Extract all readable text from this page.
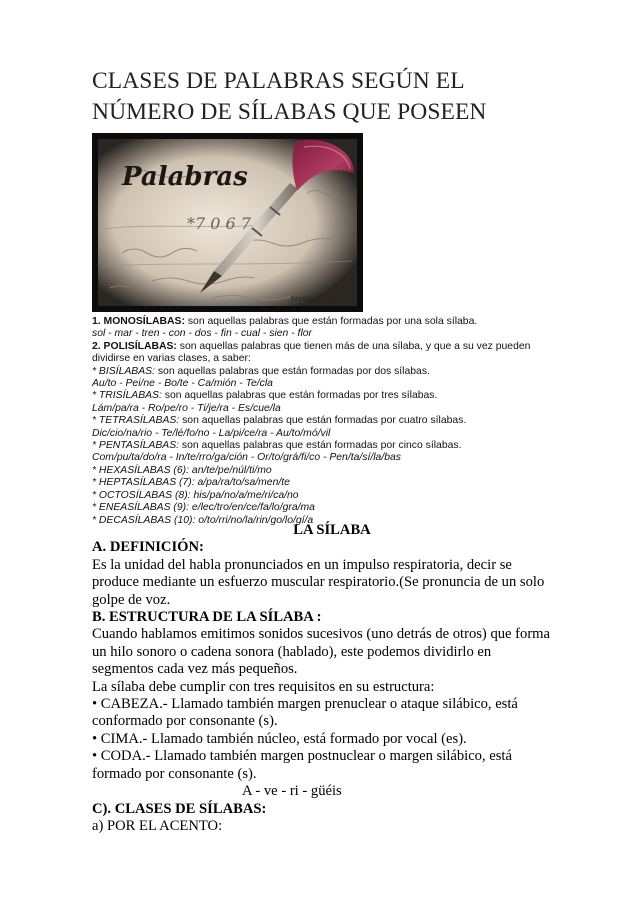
CLASES DE PALABRAS SEGÚN EL
NÚMERO DE SÍLABAS QUE POSEEN
Palabras
*7 0 6 7
Sevilla ©2007
1. MONOSÍLABAS: son aquellas palabras que están formadas por una sola sílaba.
sol - mar - tren - con - dos - fin - cual - sien - flor
2. POLISÍLABAS: son aquellas palabras que tienen más de una sílaba, y que a su vez pueden
dividirse en varias clases, a saber:
* BISÍLABAS: son aquellas palabras que están formadas por dos sílabas.
Au/to - Pei/ne - Bo/te - Ca/mión - Te/cla
* TRISÍLABAS: son aquellas palabras que están formadas por tres sílabas.
Lám/pa/ra - Ro/pe/ro - Ti/je/ra - Es/cue/la
* TETRASÍLABAS: son aquellas palabras que están formadas por cuatro sílabas.
Dic/cio/na/rio - Te/lé/fo/no - La/pi/ce/ra - Au/to/mó/vil
* PENTASÍLABAS: son aquellas palabras que están formadas por cinco sílabas.
Com/pu/ta/do/ra - In/te/rro/ga/ción - Or/to/grá/fi/co - Pen/ta/sí/la/bas
* HEXASÍLABAS (6): an/te/pe/núl/ti/mo
* HEPTASÍLABAS (7): a/pa/ra/to/sa/men/te
* OCTOSÍLABAS (8): his/pa/no/a/me/ri/ca/no
* ENEASÍLABAS (9): e/lec/tro/en/ce/fa/lo/gra/ma
* DECASÍLABAS (10): o/to/rri/no/la/rin/go/lo/gí/a
LA SÍLABA
A. DEFINICIÓN:
Es la unidad del habla pronunciados en un impulso respiratoria, decir se
produce mediante un esfuerzo muscular respiratorio.(Se pronuncia de un solo
golpe de voz.
B. ESTRUCTURA DE LA SÍLABA :
Cuando hablamos emitimos sonidos sucesivos (uno detrás de otros) que forma
un hilo sonoro o cadena sonora (hablado), este podemos dividirlo en
segmentos cada vez más pequeños.
La sílaba debe cumplir con tres requisitos en su estructura:
• CABEZA.- Llamado también margen prenuclear o ataque silábico, está
conformado por consonante (s).
• CIMA.- Llamado también núcleo, está formado por vocal (es).
• CODA.- Llamado también margen postnuclear o margen silábico, está
formado por consonante (s).
A - ve - ri - güéis
C). CLASES DE SÍLABAS:
a) POR EL ACENTO:
